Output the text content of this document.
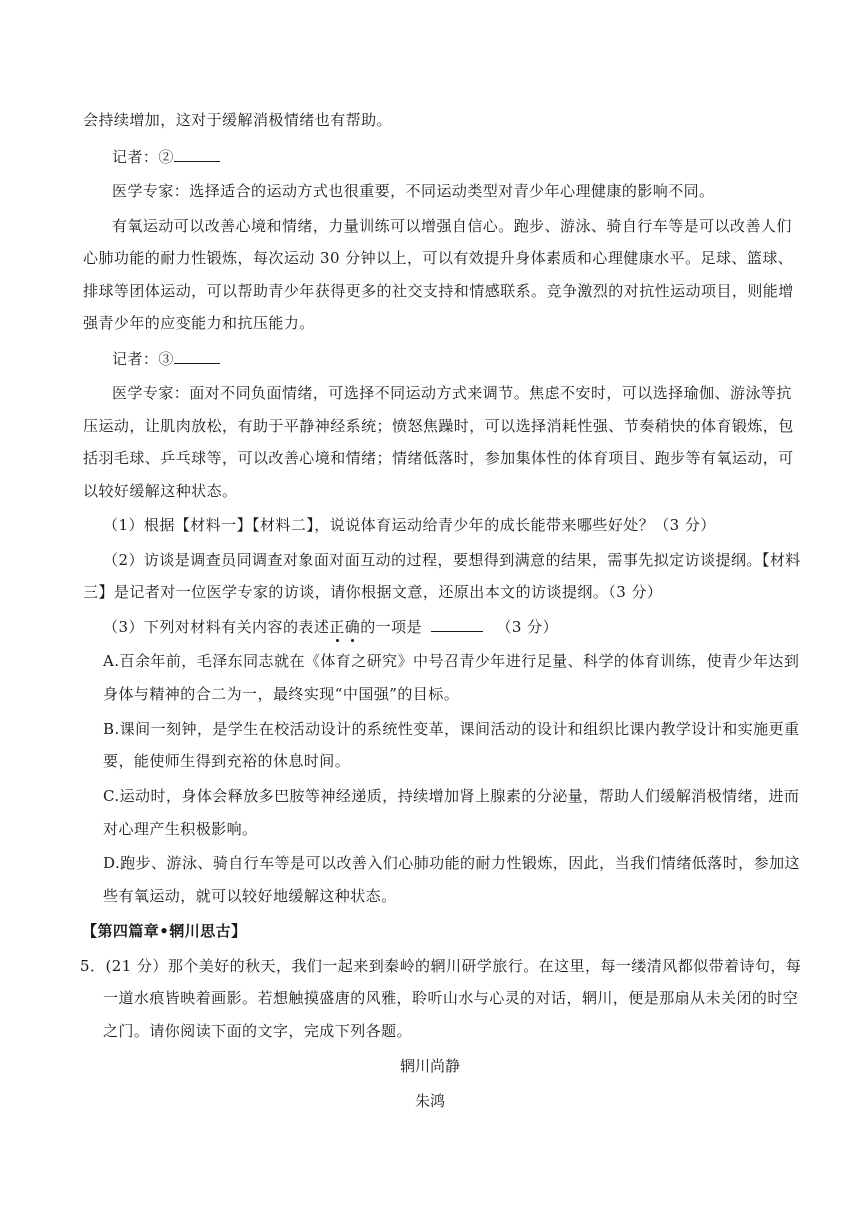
会持续增加，这对于缓解消极情绪也有帮助。
记者：②
医学专家：选择适合的运动方式也很重要，不同运动类型对青少年心理健康的影响不同。
有氧运动可以改善心境和情绪，力量训练可以增强自信心。跑步、游泳、骑自行车等是可以改善人们
心肺功能的耐力性锻炼，每次运动 30 分钟以上，可以有效提升身体素质和心理健康水平。足球、篮球、
排球等团体运动，可以帮助青少年获得更多的社交支持和情感联系。竞争激烈的对抗性运动项目，则能增
强青少年的应变能力和抗压能力。
记者：③
医学专家：面对不同负面情绪，可选择不同运动方式来调节。焦虑不安时，可以选择瑜伽、游泳等抗
压运动，让肌肉放松，有助于平静神经系统；愤怒焦躁时，可以选择消耗性强、节奏稍快的体育锻炼，包
括羽毛球、乒乓球等，可以改善心境和情绪；情绪低落时，参加集体性的体育项目、跑步等有氧运动，可
以较好缓解这种状态。
（1）根据【材料一】【材料二】，说说体育运动给青少年的成长能带来哪些好处？（3 分）
（2）访谈是调查员同调查对象面对面互动的过程，要想得到满意的结果，需事先拟定访谈提纲。【材料
三】是记者对一位医学专家的访谈，请你根据文意，还原出本文的访谈提纲。（3 分）
（3）下列对材料有关内容的表述正确的一项是	（3 分）
A.百余年前，毛泽东同志就在《体育之研究》中号召青少年进行足量、科学的体育训练，使青少年达到
身体与精神的合二为一，最终实现“中国强”的目标。
B.课间一刻钟，是学生在校活动设计的系统性变革，课间活动的设计和组织比课内教学设计和实施更重
要，能使师生得到充裕的休息时间。
C.运动时，身体会释放多巴胺等神经递质，持续增加肾上腺素的分泌量，帮助人们缓解消极情绪，进而
对心理产生积极影响。
D.跑步、游泳、骑自行车等是可以改善入们心肺功能的耐力性锻炼，因此，当我们情绪低落时，参加这
些有氧运动，就可以较好地缓解这种状态。
【第四篇章•辋川思古】
5．(21 分）那个美好的秋天，我们一起来到秦岭的辋川研学旅行。在这里，每一缕清风都似带着诗句，每
一道水痕皆映着画影。若想触摸盛唐的风雅，聆听山水与心灵的对话，辋川，便是那扇从未关闭的时空
之门。请你阅读下面的文字，完成下列各题。
辋川尚静
朱鸿
